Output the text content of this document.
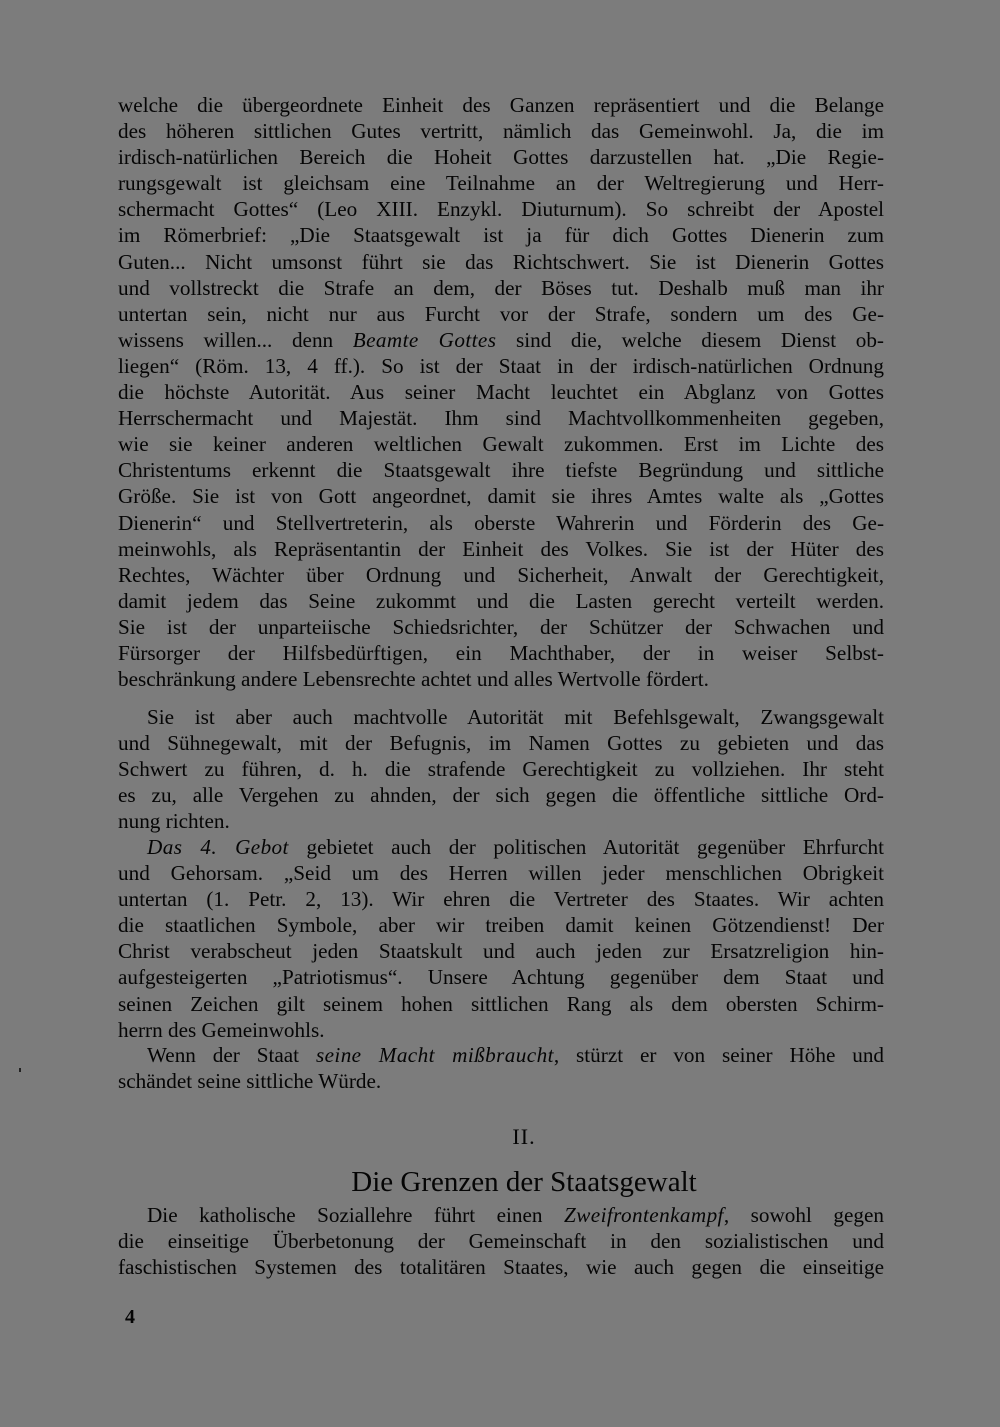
welche die übergeordnete Einheit des Ganzen repräsentiert und die Belange
des höheren sittlichen Gutes vertritt, nämlich das Gemeinwohl. Ja, die im
irdisch-natürlichen Bereich die Hoheit Gottes darzustellen hat. „Die Regie-
rungsgewalt ist gleichsam eine Teilnahme an der Weltregierung und Herr-
schermacht Gottes“ (Leo XIII. Enzykl. Diuturnum). So schreibt der Apostel
im Römerbrief: „Die Staatsgewalt ist ja für dich Gottes Dienerin zum
Guten... Nicht umsonst führt sie das Richtschwert. Sie ist Dienerin Gottes
und vollstreckt die Strafe an dem, der Böses tut. Deshalb muß man ihr
untertan sein, nicht nur aus Furcht vor der Strafe, sondern um des Ge-
wissens willen... denn Beamte Gottes sind die, welche diesem Dienst ob-
liegen“ (Röm. 13, 4 ff.). So ist der Staat in der irdisch-natürlichen Ordnung
die höchste Autorität. Aus seiner Macht leuchtet ein Abglanz von Gottes
Herrschermacht und Majestät. Ihm sind Machtvollkommenheiten gegeben,
wie sie keiner anderen weltlichen Gewalt zukommen. Erst im Lichte des
Christentums erkennt die Staatsgewalt ihre tiefste Begründung und sittliche
Größe. Sie ist von Gott angeordnet, damit sie ihres Amtes walte als „Gottes
Dienerin“ und Stellvertreterin, als oberste Wahrerin und Förderin des Ge-
meinwohls, als Repräsentantin der Einheit des Volkes. Sie ist der Hüter des
Rechtes, Wächter über Ordnung und Sicherheit, Anwalt der Gerechtigkeit,
damit jedem das Seine zukommt und die Lasten gerecht verteilt werden.
Sie ist der unparteiische Schiedsrichter, der Schützer der Schwachen und
Fürsorger der Hilfsbedürftigen, ein Machthaber, der in weiser Selbst-
beschränkung andere Lebensrechte achtet und alles Wertvolle fördert.
Sie ist aber auch machtvolle Autorität mit Befehlsgewalt, Zwangsgewalt
und Sühnegewalt, mit der Befugnis, im Namen Gottes zu gebieten und das
Schwert zu führen, d. h. die strafende Gerechtigkeit zu vollziehen. Ihr steht
es zu, alle Vergehen zu ahnden, der sich gegen die öffentliche sittliche Ord-
nung richten.
Das 4. Gebot gebietet auch der politischen Autorität gegenüber Ehrfurcht
und Gehorsam. „Seid um des Herren willen jeder menschlichen Obrigkeit
untertan (1. Petr. 2, 13). Wir ehren die Vertreter des Staates. Wir achten
die staatlichen Symbole, aber wir treiben damit keinen Götzendienst! Der
Christ verabscheut jeden Staatskult und auch jeden zur Ersatzreligion hin-
aufgesteigerten „Patriotismus“. Unsere Achtung gegenüber dem Staat und
seinen Zeichen gilt seinem hohen sittlichen Rang als dem obersten Schirm-
herrn des Gemeinwohls.
Wenn der Staat seine Macht mißbraucht, stürzt er von seiner Höhe und
schändet seine sittliche Würde.
II.
Die Grenzen der Staatsgewalt
Die katholische Soziallehre führt einen Zweifrontenkampf, sowohl gegen
die einseitige Überbetonung der Gemeinschaft in den sozialistischen und
faschistischen Systemen des totalitären Staates, wie auch gegen die einseitige
4
